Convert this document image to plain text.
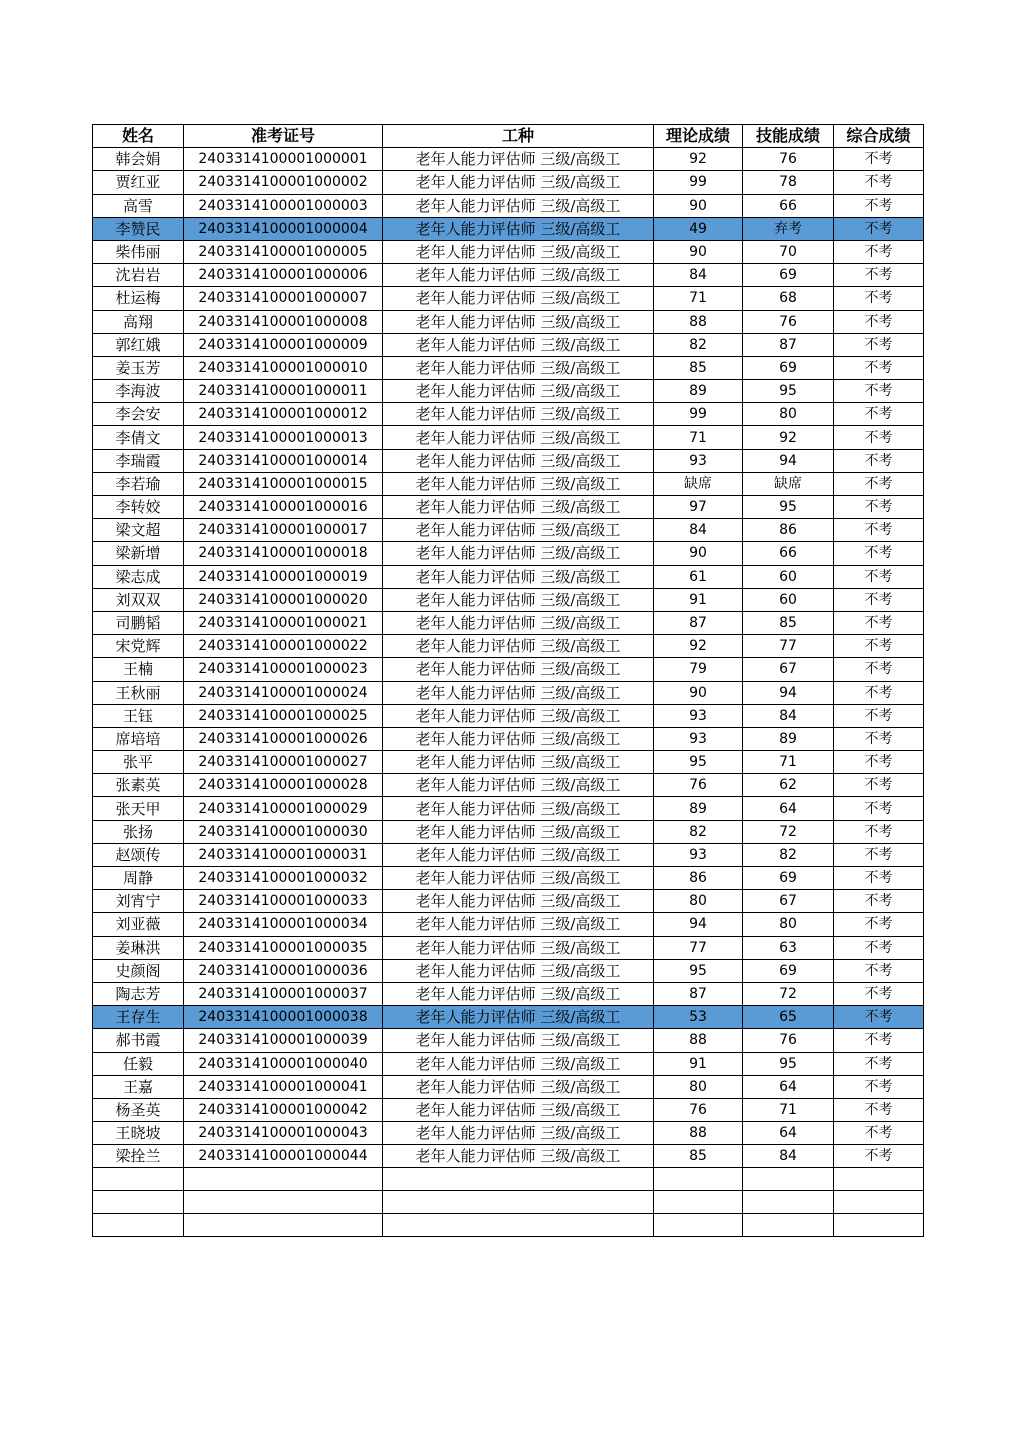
姓名	准考证号	工种	理论成绩	技能成绩	综合成绩
韩会娟	2403314100001000001	老年人能力评估师 三级/高级工	92	76	不考
贾红亚	2403314100001000002	老年人能力评估师 三级/高级工	99	78	不考
高雪	2403314100001000003	老年人能力评估师 三级/高级工	90	66	不考
李赞民	2403314100001000004	老年人能力评估师 三级/高级工	49	弃考	不考
柴伟丽	2403314100001000005	老年人能力评估师 三级/高级工	90	70	不考
沈岩岩	2403314100001000006	老年人能力评估师 三级/高级工	84	69	不考
杜运梅	2403314100001000007	老年人能力评估师 三级/高级工	71	68	不考
高翔	2403314100001000008	老年人能力评估师 三级/高级工	88	76	不考
郭红娥	2403314100001000009	老年人能力评估师 三级/高级工	82	87	不考
姜玉芳	2403314100001000010	老年人能力评估师 三级/高级工	85	69	不考
李海波	2403314100001000011	老年人能力评估师 三级/高级工	89	95	不考
李会安	2403314100001000012	老年人能力评估师 三级/高级工	99	80	不考
李倩文	2403314100001000013	老年人能力评估师 三级/高级工	71	92	不考
李瑞霞	2403314100001000014	老年人能力评估师 三级/高级工	93	94	不考
李若瑜	2403314100001000015	老年人能力评估师 三级/高级工	缺席	缺席	不考
李转姣	2403314100001000016	老年人能力评估师 三级/高级工	97	95	不考
梁文超	2403314100001000017	老年人能力评估师 三级/高级工	84	86	不考
梁新增	2403314100001000018	老年人能力评估师 三级/高级工	90	66	不考
梁志成	2403314100001000019	老年人能力评估师 三级/高级工	61	60	不考
刘双双	2403314100001000020	老年人能力评估师 三级/高级工	91	60	不考
司鹏韬	2403314100001000021	老年人能力评估师 三级/高级工	87	85	不考
宋党辉	2403314100001000022	老年人能力评估师 三级/高级工	92	77	不考
王楠	2403314100001000023	老年人能力评估师 三级/高级工	79	67	不考
王秋丽	2403314100001000024	老年人能力评估师 三级/高级工	90	94	不考
王钰	2403314100001000025	老年人能力评估师 三级/高级工	93	84	不考
席培培	2403314100001000026	老年人能力评估师 三级/高级工	93	89	不考
张平	2403314100001000027	老年人能力评估师 三级/高级工	95	71	不考
张素英	2403314100001000028	老年人能力评估师 三级/高级工	76	62	不考
张天甲	2403314100001000029	老年人能力评估师 三级/高级工	89	64	不考
张扬	2403314100001000030	老年人能力评估师 三级/高级工	82	72	不考
赵颂传	2403314100001000031	老年人能力评估师 三级/高级工	93	82	不考
周静	2403314100001000032	老年人能力评估师 三级/高级工	86	69	不考
刘宵宁	2403314100001000033	老年人能力评估师 三级/高级工	80	67	不考
刘亚薇	2403314100001000034	老年人能力评估师 三级/高级工	94	80	不考
姜琳洪	2403314100001000035	老年人能力评估师 三级/高级工	77	63	不考
史颜阁	2403314100001000036	老年人能力评估师 三级/高级工	95	69	不考
陶志芳	2403314100001000037	老年人能力评估师 三级/高级工	87	72	不考
王存生	2403314100001000038	老年人能力评估师 三级/高级工	53	65	不考
郝书霞	2403314100001000039	老年人能力评估师 三级/高级工	88	76	不考
任毅	2403314100001000040	老年人能力评估师 三级/高级工	91	95	不考
王嘉	2403314100001000041	老年人能力评估师 三级/高级工	80	64	不考
杨圣英	2403314100001000042	老年人能力评估师 三级/高级工	76	71	不考
王晓坡	2403314100001000043	老年人能力评估师 三级/高级工	88	64	不考
梁拴兰	2403314100001000044	老年人能力评估师 三级/高级工	85	84	不考
